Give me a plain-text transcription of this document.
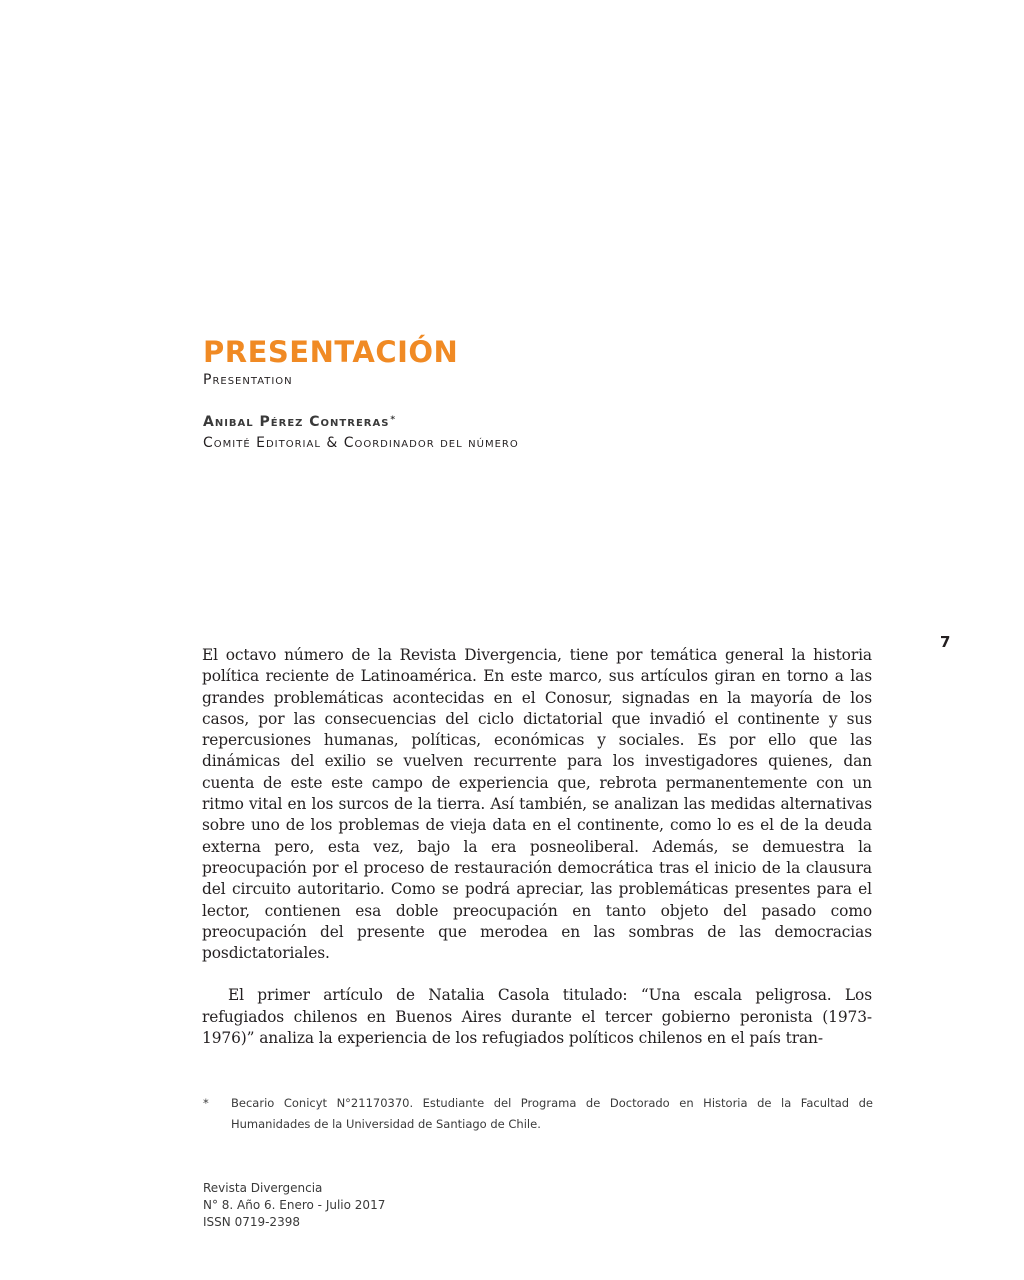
PRESENTACIÓN
Presentation
Anibal Pérez Contreras*
Comité Editorial & Coordinador del número
7

El octavo número de la Revista Divergencia, tiene por temática general la historia política reciente de Latinoamérica. En este marco, sus artículos giran en torno a las grandes problemáticas acontecidas en el Conosur, signadas en la mayoría de los casos, por las consecuencias del ciclo dictatorial que invadió el continente y sus repercusiones humanas, políticas, económicas y sociales. Es por ello que las dinámicas del exilio se vuelven recurrente para los investigadores quienes, dan cuenta de este este campo de experiencia que, rebrota permanentemente con un ritmo vital en los surcos de la tierra. Así también, se analizan las medidas alternativas sobre uno de los problemas de vieja data en el continente, como lo es el de la deuda externa pero, esta vez, bajo la era posneoliberal. Además, se demuestra la preocupación por el proceso de restauración democrática tras el inicio de la clausura del circuito autoritario. Como se podrá apreciar, las problemáticas presentes para el lector, contienen esa doble preocupación en tanto objeto del pasado como preocupación del presente que merodea en las sombras de las democracias posdictatoriales.

El primer artículo de Natalia Casola titulado: “Una escala peligrosa. Los refugiados chilenos en Buenos Aires durante el tercer gobierno peronista (1973-1976)” analiza la experiencia de los refugiados políticos chilenos en el país tran-

* Becario Conicyt N°21170370. Estudiante del Programa de Doctorado en Historia de la Facultad de Humanidades de la Universidad de Santiago de Chile.
Revista Divergencia
N° 8. Año 6. Enero - Julio 2017
ISSN 0719-2398
